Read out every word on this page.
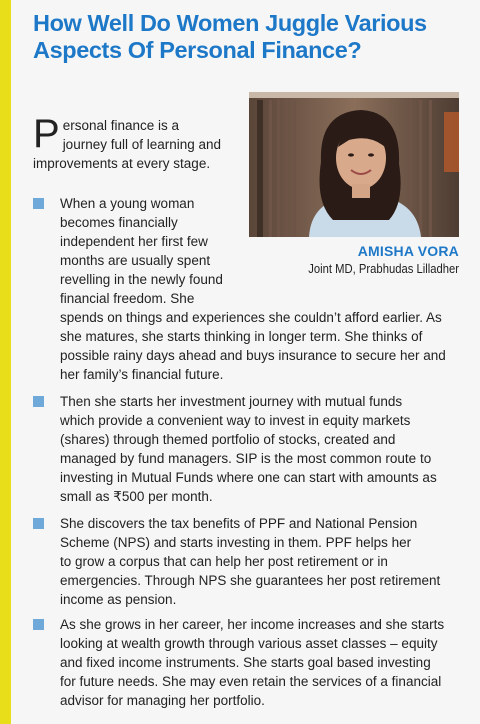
How Well Do Women Juggle Various
Aspects Of Personal Finance?
P ersonal finance is a
journey full of learning and
improvements at every stage.
AMISHA VORA
Joint MD, Prabhudas Lilladher
When a young woman
becomes financially
independent her first few
months are usually spent
revelling in the newly found
financial freedom. She
spends on things and experiences she couldn’t afford earlier. As
she matures, she starts thinking in longer term. She thinks of
possible rainy days ahead and buys insurance to secure her and
her family’s financial future.
Then she starts her investment journey with mutual funds
which provide a convenient way to invest in equity markets
(shares) through themed portfolio of stocks, created and
managed by fund managers. SIP is the most common route to
investing in Mutual Funds where one can start with amounts as
small as ₹500 per month.
She discovers the tax benefits of PPF and National Pension
Scheme (NPS) and starts investing in them. PPF helps her
to grow a corpus that can help her post retirement or in
emergencies. Through NPS she guarantees her post retirement
income as pension.
As she grows in her career, her income increases and she starts
looking at wealth growth through various asset classes – equity
and fixed income instruments. She starts goal based investing
for future needs. She may even retain the services of a financial
advisor for managing her portfolio.
